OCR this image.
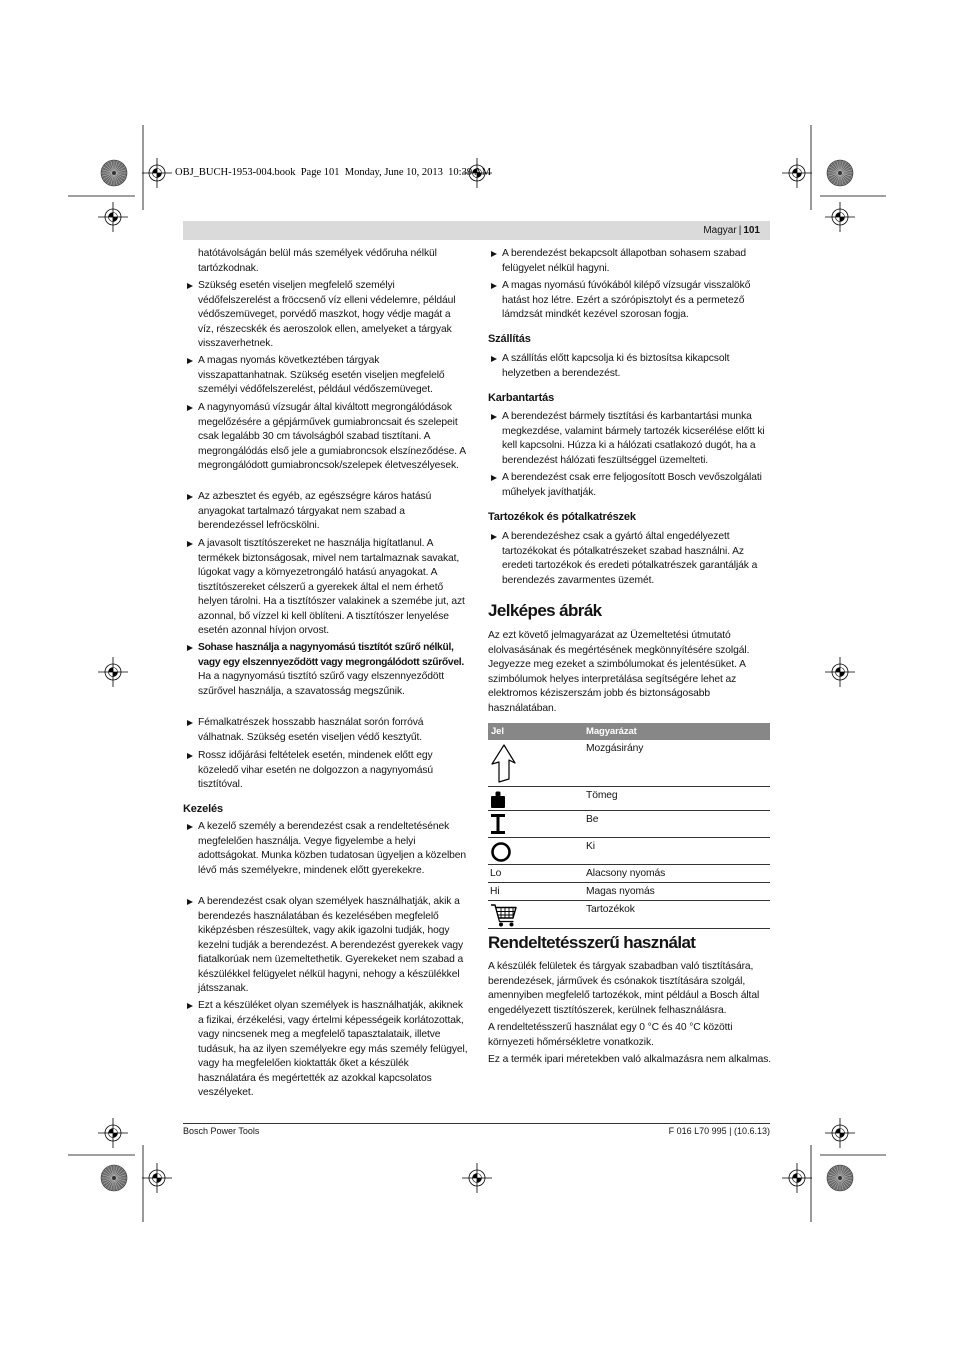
OBJ_BUCH-1953-004.book  Page 101  Monday, June 10, 2013  10:39 AM
Magyar | 101
hatótávolságán belül más személyek védőruha nélkül tartózkodnak.
Szükség esetén viseljen megfelelő személyi védőfelszerelést a fröccsenő víz elleni védelemre, például védőszemüveget, porvédő maszkot, hogy védje magát a víz, részecskék és aeroszolok ellen, amelyeket a tárgyak visszaverhetnek.
A magas nyomás következtében tárgyak visszapattanhatnak. Szükség esetén viseljen megfelelő személyi védőfelszerelést, például védőszemüveget.
A nagynyomású vízsugár által kiváltott megrongálódások megelőzésére a gépjárművek gumiabroncsait és szelepeit csak legalább 30 cm távolságból szabad tisztítani. A megrongálódás első jele a gumiabroncsok elszíneződése. A megrongálódott gumiabroncsok/szelepek életveszélyesek.
Az azbesztet és egyéb, az egészségre káros hatású anyagokat tartalmazó tárgyakat nem szabad a berendezéssel lefröcskölni.
A javasolt tisztítószereket ne használja higítatlanul. A termékek biztonságosak, mivel nem tartalmaznak savakat, lúgokat vagy a környezetrongáló hatású anyagokat. A tisztítószereket célszerű a gyerekek által el nem érhető helyen tárolni. Ha a tisztítószer valakinek a szemébe jut, azt azonnal, bő vízzel ki kell öblíteni. A tisztítószer lenyelése esetén azonnal hívjon orvost.
Sohase használja a nagynyomású tisztítót szűrő nélkül, vagy egy elszennyeződött vagy megrongálódott szűrővel. Ha a nagynyomású tisztító szűrő vagy elszennyeződött szűrővel használja, a szavatosság megszűnik.
Fémalkatrészek hosszabb használat sorón forróvá válhatnak. Szükség esetén viseljen védő kesztyűt.
Rossz időjárási feltételek esetén, mindenek előtt egy közeledő vihar esetén ne dolgozzon a nagynyomású tisztítóval.
Kezelés
A kezelő személy a berendezést csak a rendeltetésének megfelelően használja. Vegye figyelembe a helyi adottságokat. Munka közben tudatosan ügyeljen a közelben lévő más személyekre, mindenek előtt gyerekekre.
A berendezést csak olyan személyek használhatják, akik a berendezés használatában és kezelésében megfelelő kiképzésben részesültek, vagy akik igazolni tudják, hogy kezelni tudják a berendezést. A berendezést gyerekek vagy fiatalkorúak nem üzemeltethetik. Gyerekeket nem szabad a készülékkel felügyelet nélkül hagyni, nehogy a készülékkel játsszanak.
Ezt a készüléket olyan személyek is használhatják, akiknek a fizikai, érzékelési, vagy értelmi képességeik korlátozottak, vagy nincsenek meg a megfelelő tapasztalataik, illetve tudásuk, ha az ilyen személyekre egy más személy felügyel, vagy ha megfelelően kioktatták őket a készülék használatára és megértették az azokkal kapcsolatos veszélyeket.
A berendezést bekapcsolt állapotban sohasem szabad felügyelet nélkül hagyni.
A magas nyomású fúvókából kilépő vízsugár visszalökő hatást hoz létre. Ezért a szórópisztolyt és a permetező lámdzsát mindkét kezével szorosan fogja.
Szállítás
A szállítás előtt kapcsolja ki és biztosítsa kikapcsolt helyzetben a berendezést.
Karbantartás
A berendezést bármely tisztítási és karbantartási munka megkezdése, valamint bármely tartozék kicserélése előtt ki kell kapcsolni. Húzza ki a hálózati csatlakozó dugót, ha a berendezést hálózati feszültséggel üzemelteti.
A berendezést csak erre feljogosított Bosch vevőszolgálati műhelyek javíthatják.
Tartozékok és pótalkatrészek
A berendezéshez csak a gyártó által engedélyezett tartozékokat és pótalkatrészeket szabad használni. Az eredeti tartozékok és eredeti pótalkatrészek garantálják a berendezés zavarmentes üzemét.
Jelképes ábrák
Az ezt követő jelmagyarázat az Üzemeltetési útmutató elolvasásának és megértésének megkönnyítésére szolgál. Jegyezze meg ezeket a szimbólumokat és jelentésüket. A szimbólumok helyes interpretálása segítségére lehet az elektromos kéziszerszám jobb és biztonságosabb használatában.
Jel	Magyarázat
Mozgásirány
Tömeg
Be
Ki
Lo	Alacsony nyomás
Hi	Magas nyomás
Tartozékok
Rendeltetésszerű használat
A készülék felületek és tárgyak szabadban való tisztítására, berendezések, járművek és csónakok tisztítására szolgál, amennyiben megfelelő tartozékok, mint például a Bosch által engedélyezett tisztítószerek, kerülnek felhasználásra.
A rendeltetésszerű használat egy 0 °C és 40 °C közötti környezeti hőmérsékletre vonatkozik.
Ez a termék ipari méretekben való alkalmazásra nem alkalmas.
Bosch Power Tools	F 016 L70 995 | (10.6.13)
